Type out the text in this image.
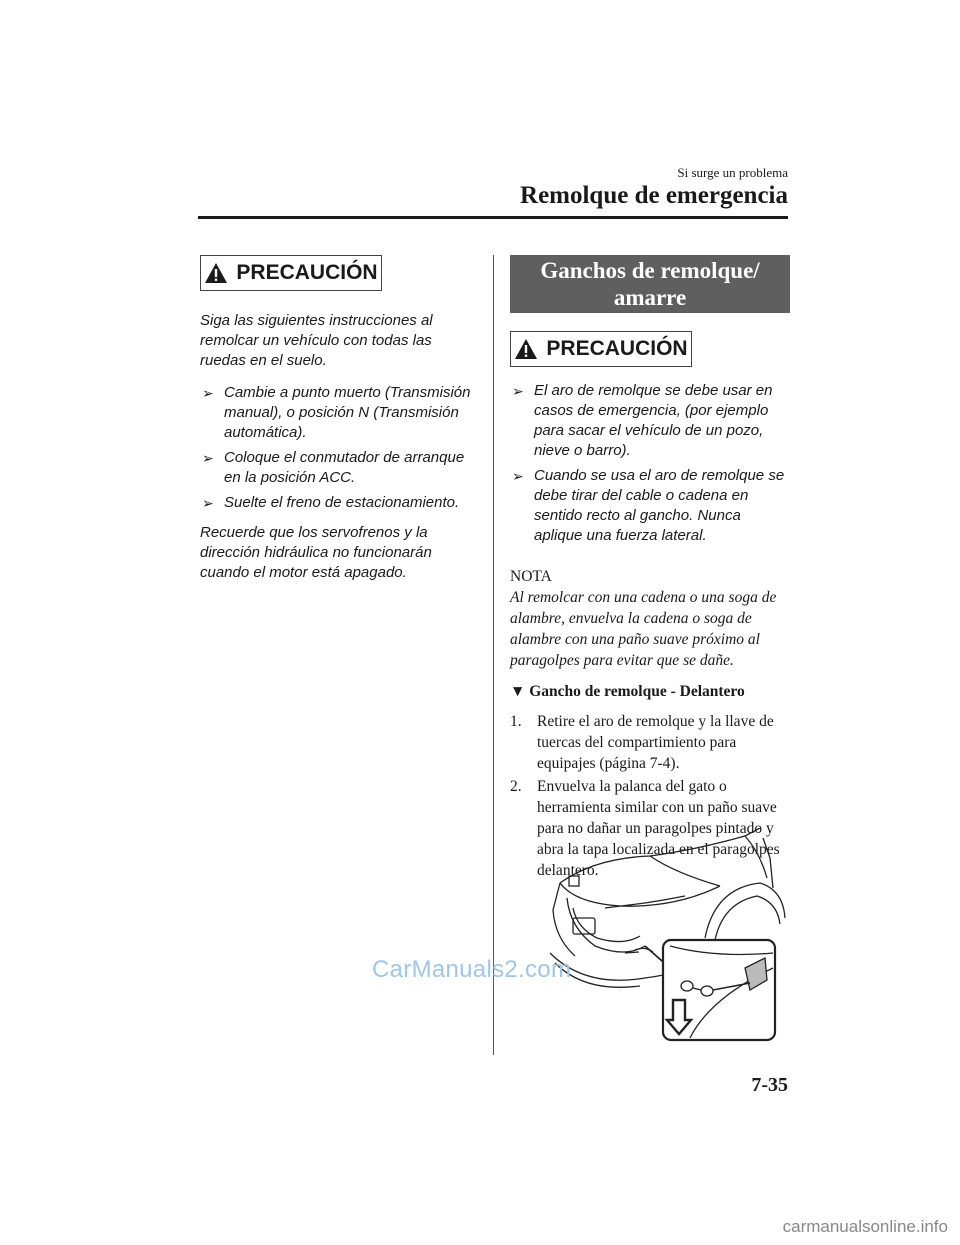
Si surge un problema
Remolque de emergencia
PRECAUCIÓN

Siga las siguientes instrucciones al remolcar un vehículo con todas las ruedas en el suelo.

➢ Cambie a punto muerto (Transmisión manual), o posición N (Transmisión automática).
➢ Coloque el conmutador de arranque en la posición ACC.
➢ Suelte el freno de estacionamiento.

Recuerde que los servofrenos y la dirección hidráulica no funcionarán cuando el motor está apagado.

Ganchos de remolque/
amarre
PRECAUCIÓN
➢ El aro de remolque se debe usar en casos de emergencia, (por ejemplo para sacar el vehículo de un pozo, nieve o barro).
➢ Cuando se usa el aro de remolque se debe tirar del cable o cadena en sentido recto al gancho. Nunca aplique una fuerza lateral.
NOTA
Al remolcar con una cadena o una soga de alambre, envuelva la cadena o soga de alambre con una paño suave próximo al paragolpes para evitar que se dañe.
▼ Gancho de remolque - Delantero
1. Retire el aro de remolque y la llave de tuercas del compartimiento para equipajes (página 7-4).
2. Envuelva la palanca del gato o herramienta similar con un paño suave para no dañar un paragolpes pintado y abra la tapa localizada en el paragolpes delantero.
CarManuals2.com
7-35
carmanualsonline.info
